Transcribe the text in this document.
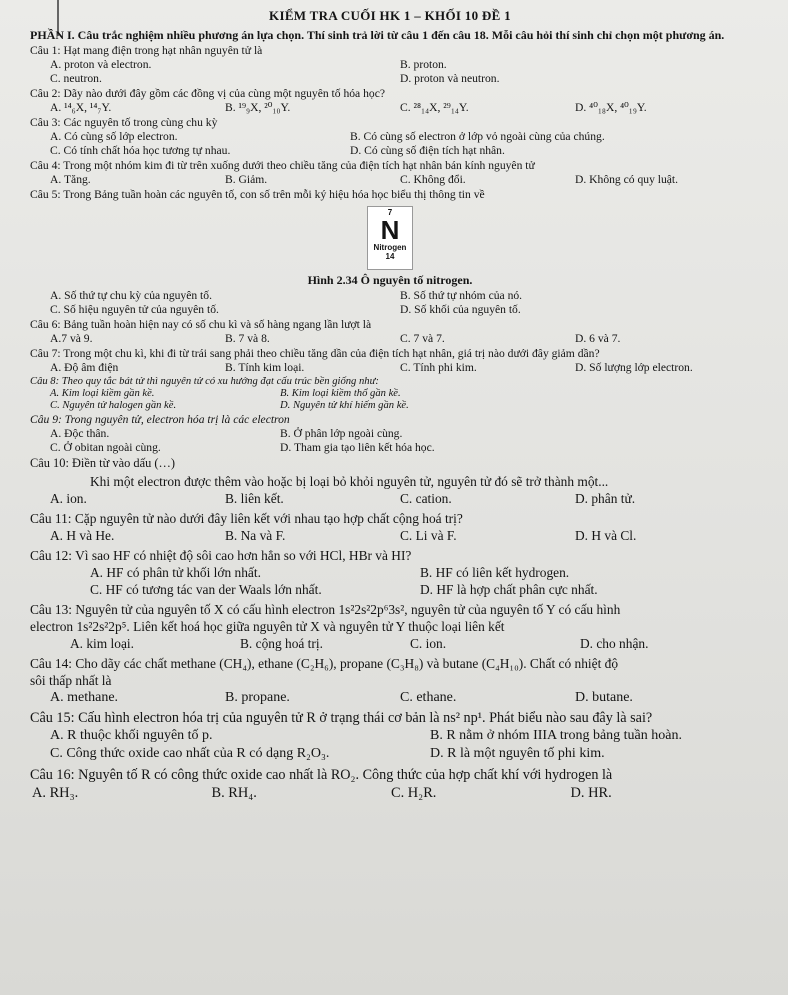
KIỂM TRA CUỐI HK 1 – KHỐI 10 ĐỀ 1

PHẦN I. Câu trắc nghiệm nhiều phương án lựa chọn. Thí sinh trả lời từ câu 1 đến câu 18. Mỗi câu hỏi thí sinh chỉ chọn một phương án.

Câu 1: Hạt mang điện trong hạt nhân nguyên tử là

A. proton và electron.	B. proton.
C. neutron.	D. proton và neutron.

Câu 2: Dãy nào dưới đây gồm các đồng vị của cùng một nguyên tố hóa học?

A. ¹⁴₆X, ¹⁴₇Y.	B. ¹⁹₉X, ²⁰₁₀Y.	C. ²⁸₁₄X, ²⁹₁₄Y.	D. ⁴⁰₁₈X, ⁴⁰₁₉Y.

Câu 3: Các nguyên tố trong cùng chu kỳ

A. Có cùng số lớp electron.	B. Có cùng số electron ở lớp vỏ ngoài cùng của chúng.
C. Có tính chất hóa học tương tự nhau.	D. Có cùng số điện tích hạt nhân.

Câu 4: Trong một nhóm kim đi từ trên xuống dưới theo chiều tăng của điện tích hạt nhân bán kính nguyên tử

A. Tăng.	B. Giảm.	C. Không đổi.	D. Không có quy luật.

Câu 5: Trong Bảng tuần hoàn các nguyên tố, con số trên mỗi ký hiệu hóa học biểu thị thông tin về

7
N
Nitrogen
14
Hình 2.34 Ô nguyên tố nitrogen.
A. Số thứ tự chu kỳ của nguyên tố.	B. Số thứ tự nhóm của nó.
C. Số hiệu nguyên tử của nguyên tố.	D. Số khối của nguyên tố.

Câu 6: Bảng tuần hoàn hiện nay có số chu kì và số hàng ngang lần lượt là

A.7 và 9.	B. 7 và 8.	C. 7 và 7.	D. 6 và 7.

Câu 7: Trong một chu kì, khi đi từ trái sang phải theo chiều tăng dần của điện tích hạt nhân, giá trị nào dưới đây giảm dần?

A. Độ âm điện	B. Tính kim loại.	C. Tính phi kim.	D. Số lượng lớp electron.

Câu 8: Theo quy tắc bát tử thì nguyên tử có xu hướng đạt cấu trúc bền giống như:

A. Kim loại kiềm gần kề.	B. Kim loại kiềm thổ gần kề.
C. Nguyên tử halogen gần kề.	D. Nguyên tử khí hiếm gần kề.

Câu 9: Trong nguyên tử, electron hóa trị là các electron

A. Độc thân.	B. Ở phân lớp ngoài cùng.
C. Ở obitan ngoài cùng.	D. Tham gia tạo liên kết hóa học.

Câu 10: Điền từ vào dấu (…)

Khi một electron được thêm vào hoặc bị loại bỏ khỏi nguyên tử, nguyên tử đó sẽ trở thành một...

A. ion.	B. liên kết.	C. cation.	D. phân tử.

Câu 11: Cặp nguyên tử nào dưới đây liên kết với nhau tạo hợp chất cộng hoá trị?

A. H và He.	B. Na và F.	C. Li và F.	D. H và Cl.

Câu 12: Vì sao HF có nhiệt độ sôi cao hơn hẳn so với HCl, HBr và HI?

A. HF có phân tử khối lớn nhất.	B. HF có liên kết hydrogen.
C. HF có tương tác van der Waals lớn nhất.	D. HF là hợp chất phân cực nhất.

Câu 13: Nguyên tử của nguyên tố X có cấu hình electron 1s²2s²2p⁶3s², nguyên tử của nguyên tố Y có cấu hình

electron 1s²2s²2p⁵. Liên kết hoá học giữa nguyên tử X và nguyên tử Y thuộc loại liên kết

A. kim loại.	B. cộng hoá trị.	C. ion.	D. cho nhận.

Câu 14: Cho dãy các chất methane (CH₄), ethane (C₂H₆), propane (C₃H₈) và butane (C₄H₁₀). Chất có nhiệt độ

sôi thấp nhất là

A. methane.	B. propane.	C. ethane.	D. butane.

Câu 15: Cấu hình electron hóa trị của nguyên tử R ở trạng thái cơ bản là ns² np¹. Phát biểu nào sau đây là sai?

A. R thuộc khối nguyên tố p.	B. R nằm ở nhóm IIIA trong bảng tuần hoàn.
C. Công thức oxide cao nhất của R có dạng R₂O₃.	D. R là một nguyên tố phi kim.

Câu 16: Nguyên tố R có công thức oxide cao nhất là RO₂. Công thức của hợp chất khí với hydrogen là

A. RH₃.	B. RH₄.	C. H₂R.	D. HR.
